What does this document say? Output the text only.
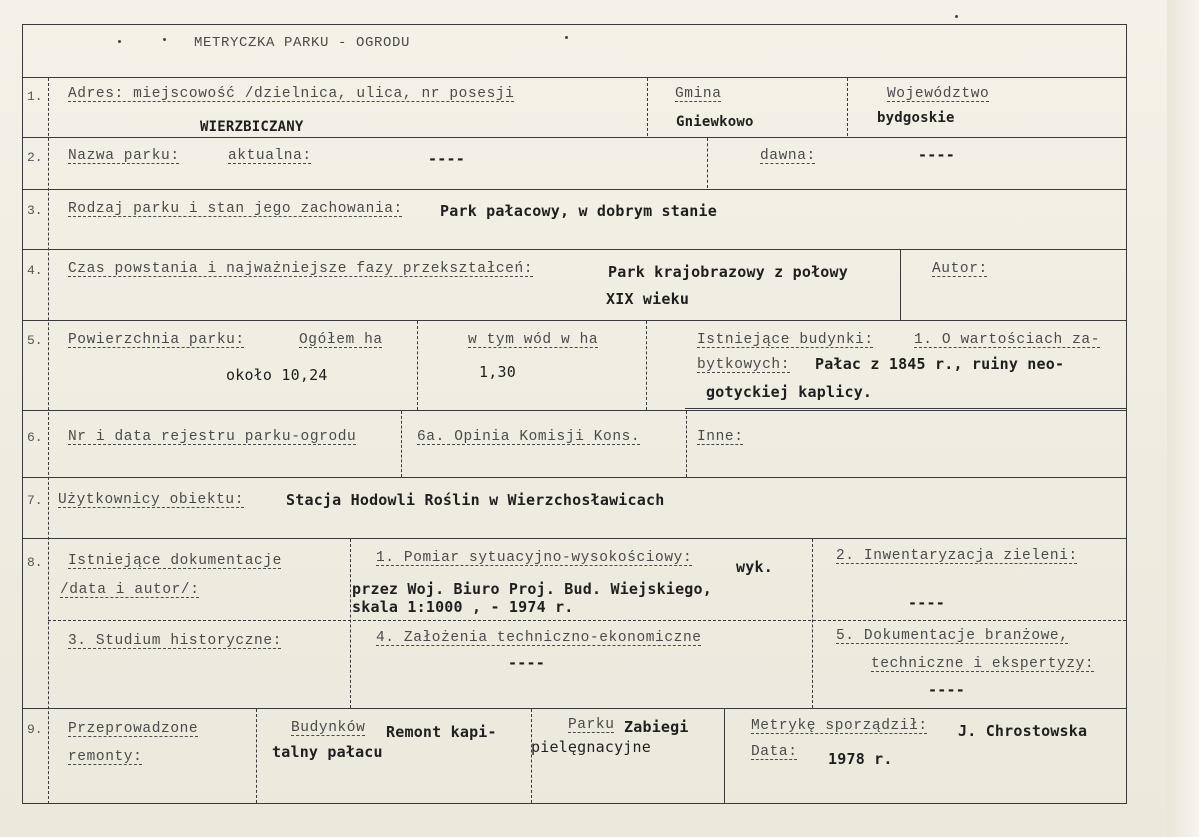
METRYCZKA PARKU - OGRODU
1. Adres: miejscowość /dzielnica, ulica, nr posesji
WIERZBICZANY
Gmina
Gniewkowo
Województwo
bydgoskie
2. Nazwa parku:	aktualna:	----	dawna:	----
3. Rodzaj parku i stan jego zachowania: Park pałacowy, w dobrym stanie
4. Czas powstania i najważniejsze fazy przekształceń:	Park krajobrazowy z połowy
XIX wieku
Autor:
5. Powierzchnia parku:	Ogółem ha
około 10,24
w tym wód w ha
1,30
Istniejące budynki:	1. O wartościach za-
bytkowych: Pałac z 1845 r., ruiny neo-
gotyckiej kaplicy.
6. Nr i data rejestru parku-ogrodu	6a. Opinia Komisji Kons.	Inne:
7. Użytkownicy obiektu:	Stacja Hodowli Roślin w Wierzchosławicach
8. Istniejące dokumentacje
/data i autor/:
1. Pomiar sytuacyjno-wysokościowy:	wyk.
przez Woj. Biuro Proj. Bud. Wiejskiego,
skala 1:1000 , - 1974 r.
2. Inwentaryzacja zieleni:
----
3. Studium historyczne:	4. Założenia techniczno-ekonomiczne
----
5. Dokumentacje branżowe,
techniczne i ekspertyzy:
----
9. Przeprowadzone
remonty:
Budynków Remont kapi-
talny pałacu
Parku Zabiegi
pielęgnacyjne
Metrykę sporządził: J. Chrostowska
Data: 1978 r.
